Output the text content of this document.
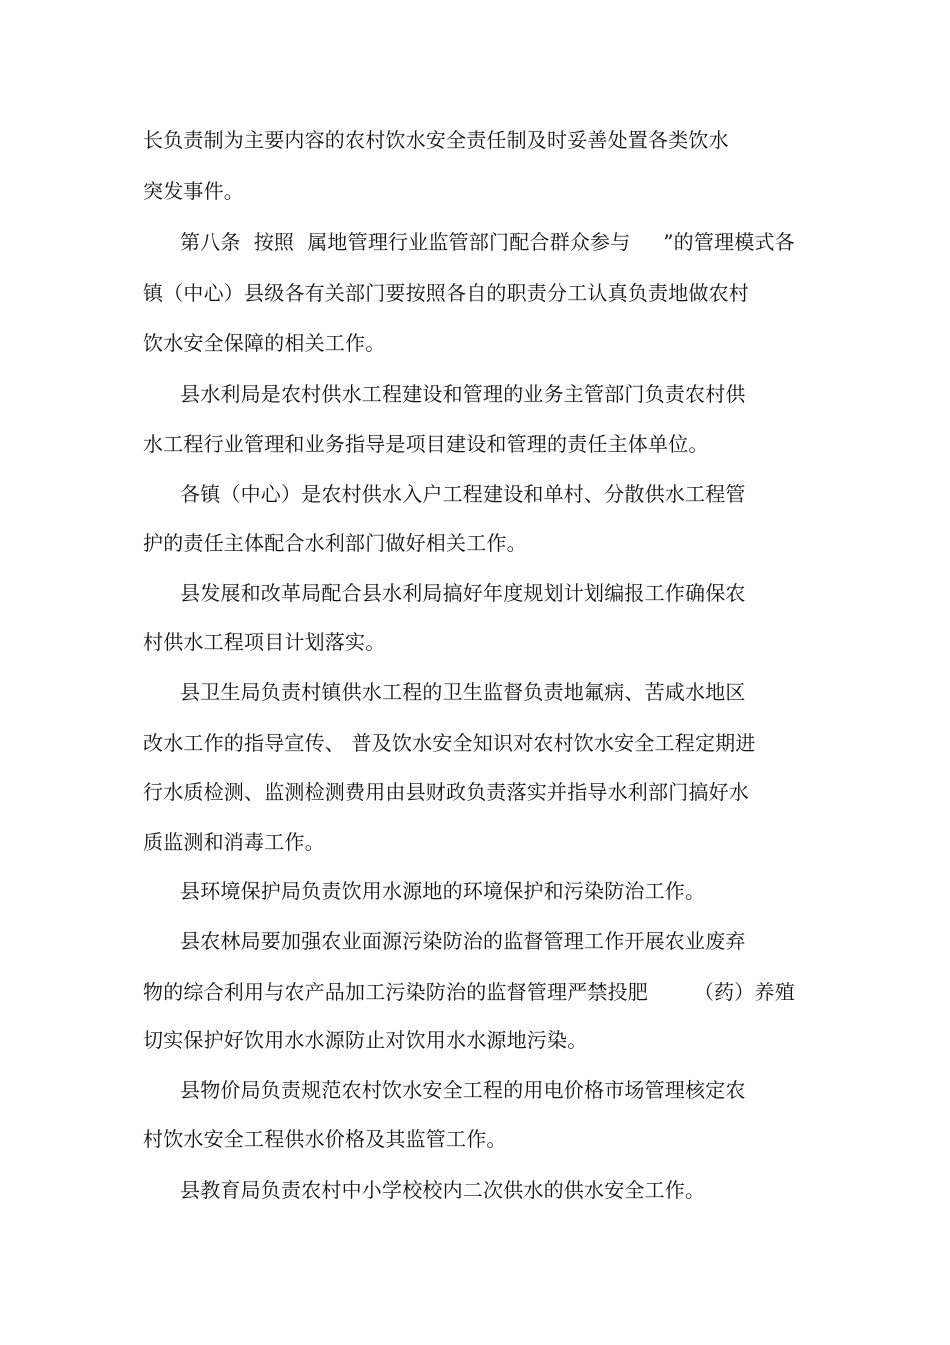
长负责制为主要内容的农村饮水安全责任制及时妥善处置各类饮水
突发事件。
第八条  按照  属地管理行业监管部门配合群众参与     ”的管理模式各
镇（中心）县级各有关部门要按照各自的职责分工认真负责地做农村
饮水安全保障的相关工作。
县水利局是农村供水工程建设和管理的业务主管部门负责农村供
水工程行业管理和业务指导是项目建设和管理的责任主体单位。
各镇（中心）是农村供水入户工程建设和单村、分散供水工程管
护的责任主体配合水利部门做好相关工作。
县发展和改革局配合县水利局搞好年度规划计划编报工作确保农
村供水工程项目计划落实。
县卫生局负责村镇供水工程的卫生监督负责地氟病、苦咸水地区
改水工作的指导宣传、 普及饮水安全知识对农村饮水安全工程定期进
行水质检测、监测检测费用由县财政负责落实并指导水利部门搞好水
质监测和消毒工作。
县环境保护局负责饮用水源地的环境保护和污染防治工作。
县农林局要加强农业面源污染防治的监督管理工作开展农业废弃
物的综合利用与农产品加工污染防治的监督管理严禁投肥       （药）养殖
切实保护好饮用水水源防止对饮用水水源地污染。
县物价局负责规范农村饮水安全工程的用电价格市场管理核定农
村饮水安全工程供水价格及其监管工作。
县教育局负责农村中小学校校内二次供水的供水安全工作。
